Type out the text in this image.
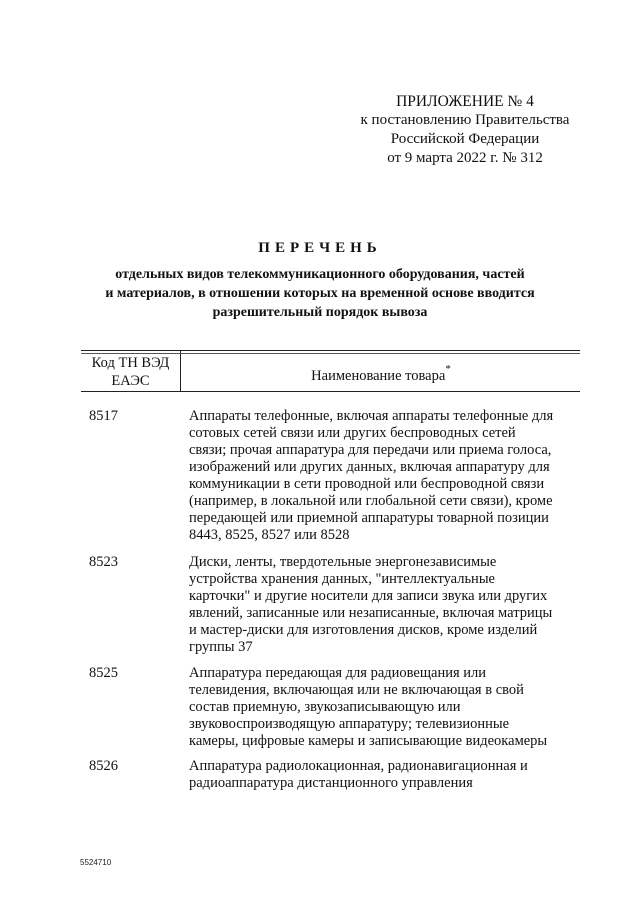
ПРИЛОЖЕНИЕ № 4
к постановлению Правительства
Российской Федерации
от 9 марта 2022 г. № 312
ПЕРЕЧЕНЬ
отдельных видов телекоммуникационного оборудования, частей
и материалов, в отношении которых на временной основе вводится
разрешительный порядок вывоза
Код ТН ВЭД
ЕАЭС	Наименование товара*
8517	Аппараты телефонные, включая аппараты телефонные для
сотовых сетей связи или других беспроводных сетей
связи; прочая аппаратура для передачи или приема голоса,
изображений или других данных, включая аппаратуру для
коммуникации в сети проводной или беспроводной связи
(например, в локальной или глобальной сети связи), кроме
передающей или приемной аппаратуры товарной позиции
8443, 8525, 8527 или 8528
8523	Диски, ленты, твердотельные энергонезависимые
устройства хранения данных, "интеллектуальные
карточки" и другие носители для записи звука или других
явлений, записанные или незаписанные, включая матрицы
и мастер-диски для изготовления дисков, кроме изделий
группы 37
8525	Аппаратура передающая для радиовещания или
телевидения, включающая или не включающая в свой
состав приемную, звукозаписывающую или
звуковоспроизводящую аппаратуру; телевизионные
камеры, цифровые камеры и записывающие видеокамеры
8526	Аппаратура радиолокационная, радионавигационная и
радиоаппаратура дистанционного управления
5524710
